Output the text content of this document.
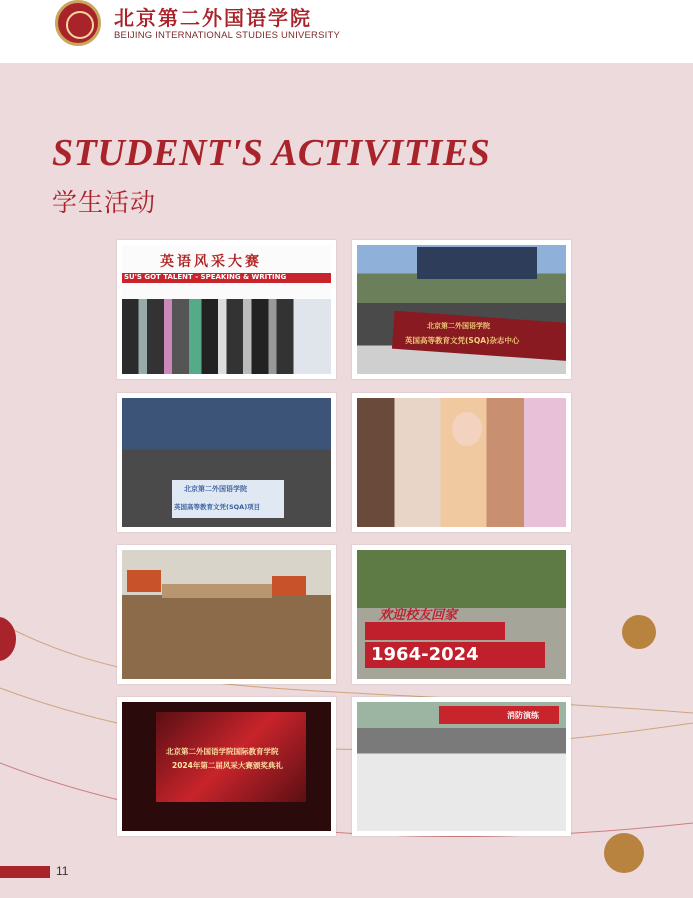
北京第二外国语学院
BEIJING INTERNATIONAL STUDIES UNIVERSITY
STUDENT'S ACTIVITIES
学生活动
英语风采大赛
SU'S GOT TALENT - SPEAKING & WRITING
北京第二外国语学院
英国高等教育文凭(SQA)杂志中心
北京第二外国语学院
英国高等教育文凭(SQA)项目
欢迎校友回家
1964-2024
北京第二外国语学院国际教育学院
2024年第二届风采大赛颁奖典礼
消防演练
11
